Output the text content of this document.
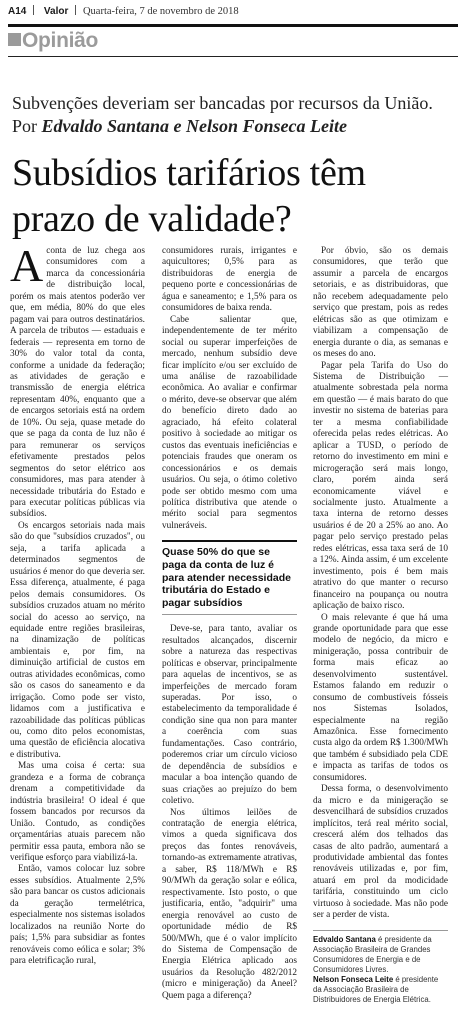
A14 Valor Quarta-feira, 7 de novembro de 2018
Opinião
Subvenções deveriam ser bancadas por recursos da União. Por Edvaldo Santana e Nelson Fonseca Leite
Subsídios tarifários têm prazo de validade?

Aconta de luz chega aos consumidores com a marca da concessionária de distribuição local, porém os mais atentos poderão ver que, em média, 80% do que eles pagam vai para outros destinatários. A parcela de tributos — estaduais e federais — representa em torno de 30% do valor total da conta, conforme a unidade da federação; as atividades de geração e transmissão de energia elétrica representam 40%, enquanto que a de encargos setoriais está na ordem de 10%. Ou seja, quase metade do que se paga da conta de luz não é para remunerar os serviços efetivamente prestados pelos segmentos do setor elétrico aos consumidores, mas para atender à necessidade tributária do Estado e para executar políticas públicas via subsídios.

Os encargos setoriais nada mais são do que "subsídios cruzados", ou seja, a tarifa aplicada a determinados segmentos de usuários é menor do que deveria ser. Essa diferença, atualmente, é paga pelos demais consumidores. Os subsídios cruzados atuam no mérito social do acesso ao serviço, na equidade entre regiões brasileiras, na dinamização de políticas ambientais e, por fim, na diminuição artificial de custos em outras atividades econômicas, como são os casos do saneamento e da irrigação. Como pode ser visto, lidamos com a justificativa e razoabilidade das políticas públicas ou, como dito pelos economistas, uma questão de eficiência alocativa e distributiva.

Mas uma coisa é certa: sua grandeza e a forma de cobrança drenam a competitividade da indústria brasileira! O ideal é que fossem bancados por recursos da União. Contudo, as condições orçamentárias atuais parecem não permitir essa pauta, embora não se verifique esforço para viabilizá-la.

Então, vamos colocar luz sobre esses subsídios. Atualmente 2,5% são para bancar os custos adicionais da geração termelétrica, especialmente nos sistemas isolados localizados na reunião Norte do país; 1,5% para subsidiar as fontes renováveis como eólica e solar; 3% para eletrificação rural,

consumidores rurais, irrigantes e aquicultores; 0,5% para as distribuidoras de energia de pequeno porte e concessionárias de água e saneamento; e 1,5% para os consumidores de baixa renda.

Cabe salientar que, independentemente de ter mérito social ou superar imperfeições de mercado, nenhum subsídio deve ficar implícito e/ou ser excluído de uma análise de razoabilidade econômica. Ao avaliar e confirmar o mérito, deve-se observar que além do benefício direto dado ao agraciado, há efeito colateral positivo à sociedade ao mitigar os custos das eventuais ineficiências e potenciais fraudes que oneram os concessionários e os demais usuários. Ou seja, o ótimo coletivo pode ser obtido mesmo com uma política distributiva que atende o mérito social para segmentos vulneráveis.

Quase 50% do que se paga da conta de luz é para atender necessidade tributária do Estado e pagar subsídios

Deve-se, para tanto, avaliar os resultados alcançados, discernir sobre a natureza das respectivas políticas e observar, principalmente para aquelas de incentivos, se as imperfeições de mercado foram superadas. Por isso, o estabelecimento da temporalidade é condição sine qua non para manter a coerência com suas fundamentações. Caso contrário, poderemos criar um círculo vicioso de dependência de subsídios e macular a boa intenção quando de suas criações ao prejuízo do bem coletivo.

Nos últimos leilões de contratação de energia elétrica, vimos a queda significava dos preços das fontes renováveis, tornando-as extremamente atrativas, a saber, R$ 118/MWh e R$ 90/MWh da geração solar e eólica, respectivamente. Isto posto, o que justificaria, então, "adquirir" uma energia renovável ao custo de oportunidade médio de R$ 500/MWh, que é o valor implícito do Sistema de Compensação de Energia Elétrica aplicado aos usuários da Resolução 482/2012 (micro e minigeração) da Aneel? Quem paga a diferença?

Por óbvio, são os demais consumidores, que terão que assumir a parcela de encargos setoriais, e as distribuidoras, que não recebem adequadamente pelo serviço que prestam, pois as redes elétricas são as que otimizam e viabilizam a compensação de energia durante o dia, as semanas e os meses do ano.

Pagar pela Tarifa do Uso do Sistema de Distribuição — atualmente sobrestada pela norma em questão — é mais barato do que investir no sistema de baterias para ter a mesma confiabilidade oferecida pelas redes elétricas. Ao aplicar a TUSD, o período de retorno do investimento em mini e microgeração será mais longo, claro, porém ainda será economicamente viável e socialmente justo. Atualmente a taxa interna de retorno desses usuários é de 20 a 25% ao ano. Ao pagar pelo serviço prestado pelas redes elétricas, essa taxa será de 10 a 12%. Ainda assim, é um excelente investimento, pois é bem mais atrativo do que manter o recurso financeiro na poupança ou noutra aplicação de baixo risco.

O mais relevante é que há uma grande oportunidade para que esse modelo de negócio, da micro e minigeração, possa contribuir de forma mais eficaz ao desenvolvimento sustentável. Estamos falando em reduzir o consumo de combustíveis fósseis nos Sistemas Isolados, especialmente na região Amazônica. Esse fornecimento custa algo da ordem R$ 1.300/MWh que também é subsidiado pela CDE e impacta as tarifas de todos os consumidores.

Dessa forma, o desenvolvimento da micro e da minigeração se desvencilhará de subsídios cruzados implícitos, terá real mérito social, crescerá além dos telhados das casas de alto padrão, aumentará a produtividade ambiental das fontes renováveis utilizadas e, por fim, atuará em prol da modicidade tarifária, constituindo um ciclo virtuoso à sociedade. Mas não pode ser a perder de vista.

Edvaldo Santana é presidente da Associação Brasileira de Grandes Consumidores de Energia e de Consumidores Livres.
Nelson Fonseca Leite é presidente da Associação Brasileira de Distribuidores de Energia Elétrica.
